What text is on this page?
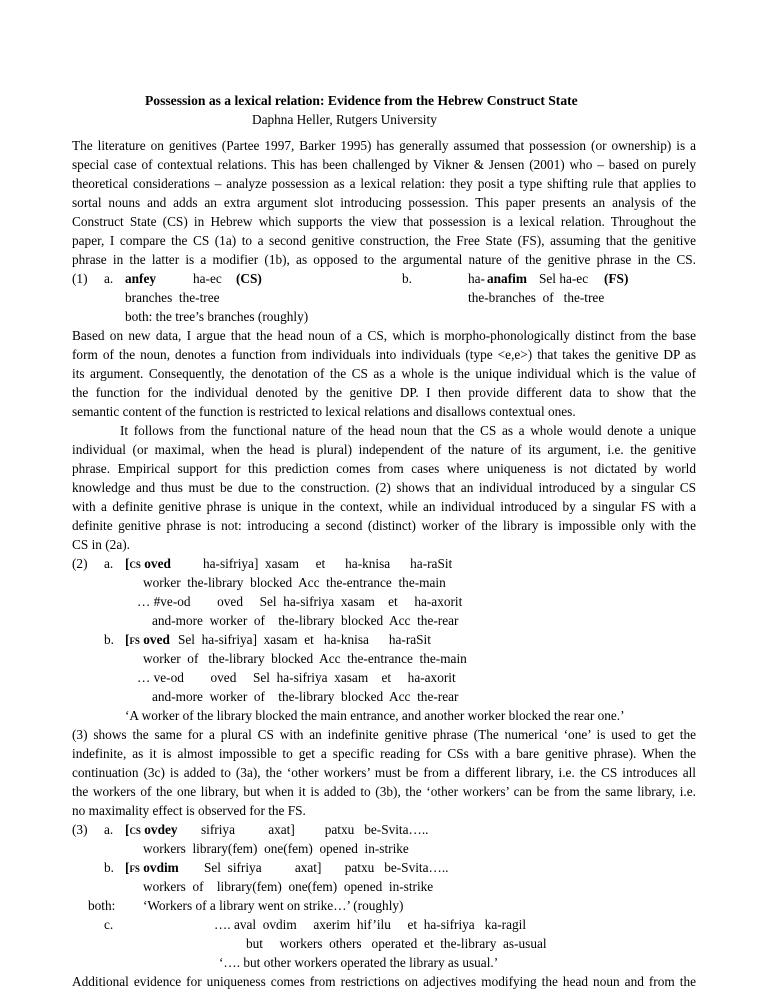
Possession as a lexical relation: Evidence from the Hebrew Construct State
Daphna Heller, Rutgers University
The literature on genitives (Partee 1997, Barker 1995) has generally assumed that possession (or ownership) is a
special case of contextual relations. This has been challenged by Vikner & Jensen (2001) who – based on purely
theoretical considerations – analyze possession as a lexical relation: they posit a type shifting rule that applies to
sortal nouns and adds an extra argument slot introducing possession. This paper presents an analysis of the
Construct State (CS) in Hebrew which supports the view that possession is a lexical relation. Throughout the
paper, I compare the CS (1a) to a second genitive construction, the Free State (FS), assuming that the genitive
phrase in the latter is a modifier (1b), as opposed to the argumental nature of the genitive phrase in the CS.
(1) a. anfey	ha-ec (CS)	b.	ha- anafim Sel ha-ec (FS)
branches  the-tree	the-branches  of   the-tree
both: the tree’s branches (roughly)
Based on new data, I argue that the head noun of a CS, which is morpho-phonologically distinct from the base
form of the noun, denotes a function from individuals into individuals (type <e,e>) that takes the genitive DP as
its argument. Consequently, the denotation of the CS as a whole is the unique individual which is the value of
the function for the individual denoted by the genitive DP. I then provide different data to show that the
semantic content of the function is restricted to lexical relations and disallows contextual ones.
It follows from the functional nature of the head noun that the CS as a whole would denote a unique
individual (or maximal, when the head is plural) independent of the nature of its argument, i.e. the genitive
phrase. Empirical support for this prediction comes from cases where uniqueness is not dictated by world
knowledge and thus must be due to the construction. (2) shows that an individual introduced by a singular CS
with a definite genitive phrase is unique in the context, while an individual introduced by a singular FS with a
definite genitive phrase is not: introducing a second (distinct) worker of the library is impossible only with the
CS in (2a).
(2) a. [CS oved ha-sifriya]  xasam     et      ha-knisa      ha-raSit
worker  the-library  blocked  Acc  the-entrance  the-main
… #ve-od        oved     Sel  ha-sifriya  xasam    et     ha-axorit
and-more  worker  of    the-library  blocked  Acc  the-rear
b. [FS oved Sel  ha-sifriya]  xasam  et   ha-knisa      ha-raSit
worker  of   the-library  blocked  Acc  the-entrance  the-main
… ve-od        oved     Sel  ha-sifriya  xasam    et     ha-axorit
and-more  worker  of    the-library  blocked  Acc  the-rear
‘A worker of the library blocked the main entrance, and another worker blocked the rear one.’
(3) shows the same for a plural CS with an indefinite genitive phrase (The numerical ‘one’ is used to get the
indefinite, as it is almost impossible to get a specific reading for CSs with a bare genitive phrase). When the
continuation (3c) is added to (3a), the ‘other workers’ must be from a different library, i.e. the CS introduces all
the workers of the one library, but when it is added to (3b), the ‘other workers’ can be from the same library, i.e.
no maximality effect is observed for the FS.
(3) a. [CS ovdey sifriya          axat]         patxu   be-Svita…..
workers  library(fem)  one(fem)  opened  in-strike
b. [FS ovdim Sel  sifriya          axat]       patxu   be-Svita…..
workers  of    library(fem)  one(fem)  opened  in-strike
both: ‘Workers of a library went on strike…’ (roughly)
c.	…. aval  ovdim     axerim  hif’ilu     et  ha-sifriya   ka-ragil
but     workers  others   operated  et  the-library  as-usual
‘…. but other workers operated the library as usual.’
Additional evidence for uniqueness comes from restrictions on adjectives modifying the head noun and from the
